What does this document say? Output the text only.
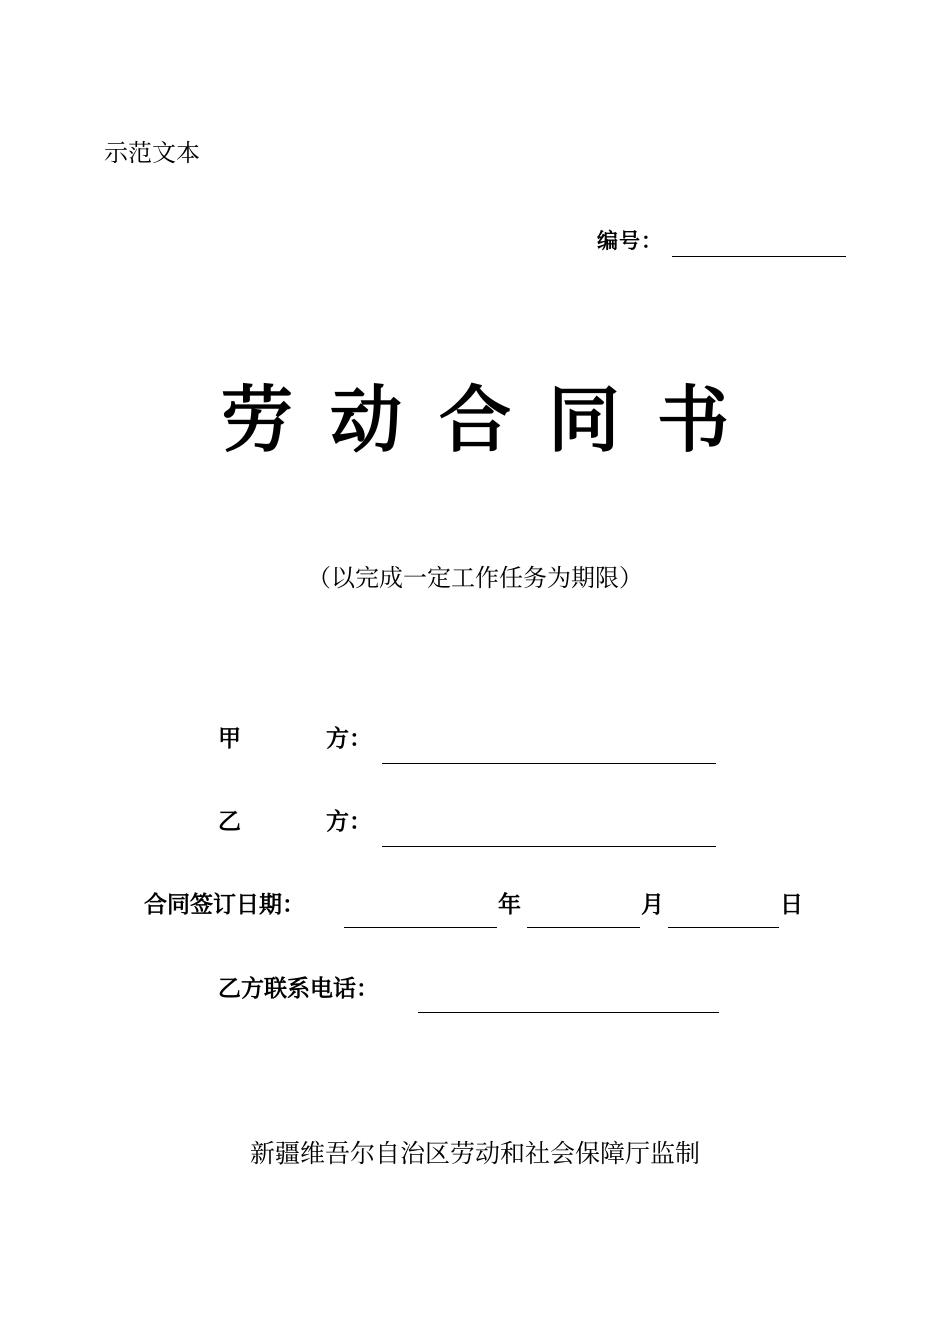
示范文本
编号：
劳 动 合 同 书
（以完成一定工作任务为期限）
甲	方：
乙	方：
合同签订日期：	年	月	日
乙方联系电话：
新疆维吾尔自治区劳动和社会保障厅监制
